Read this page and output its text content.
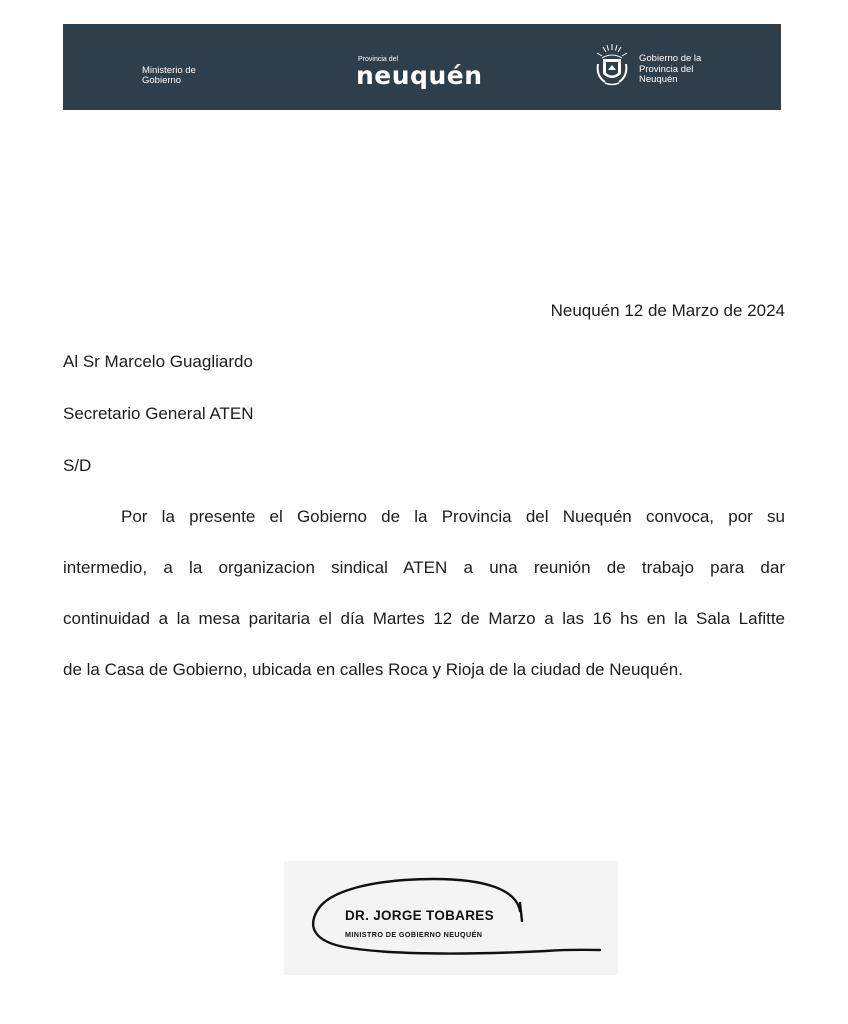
Ministerio de Gobierno
Provincia del
neuquén
Gobierno de la Provincia del Neuquén
Neuquén 12 de Marzo de 2024
Al Sr Marcelo Guagliardo
Secretario General ATEN
S/D
Por la presente el Gobierno de la Provincia del Nuequén convoca, por su
intermedio, a la organizacion sindical ATEN a una reunión de trabajo para dar
continuidad a la mesa paritaria el día Martes 12 de Marzo a las 16 hs en la Sala Lafitte
de la Casa de Gobierno, ubicada en calles Roca y Rioja de la ciudad de Neuquén.
DR. JORGE TOBARES
MINISTRO DE GOBIERNO NEUQUÉN
